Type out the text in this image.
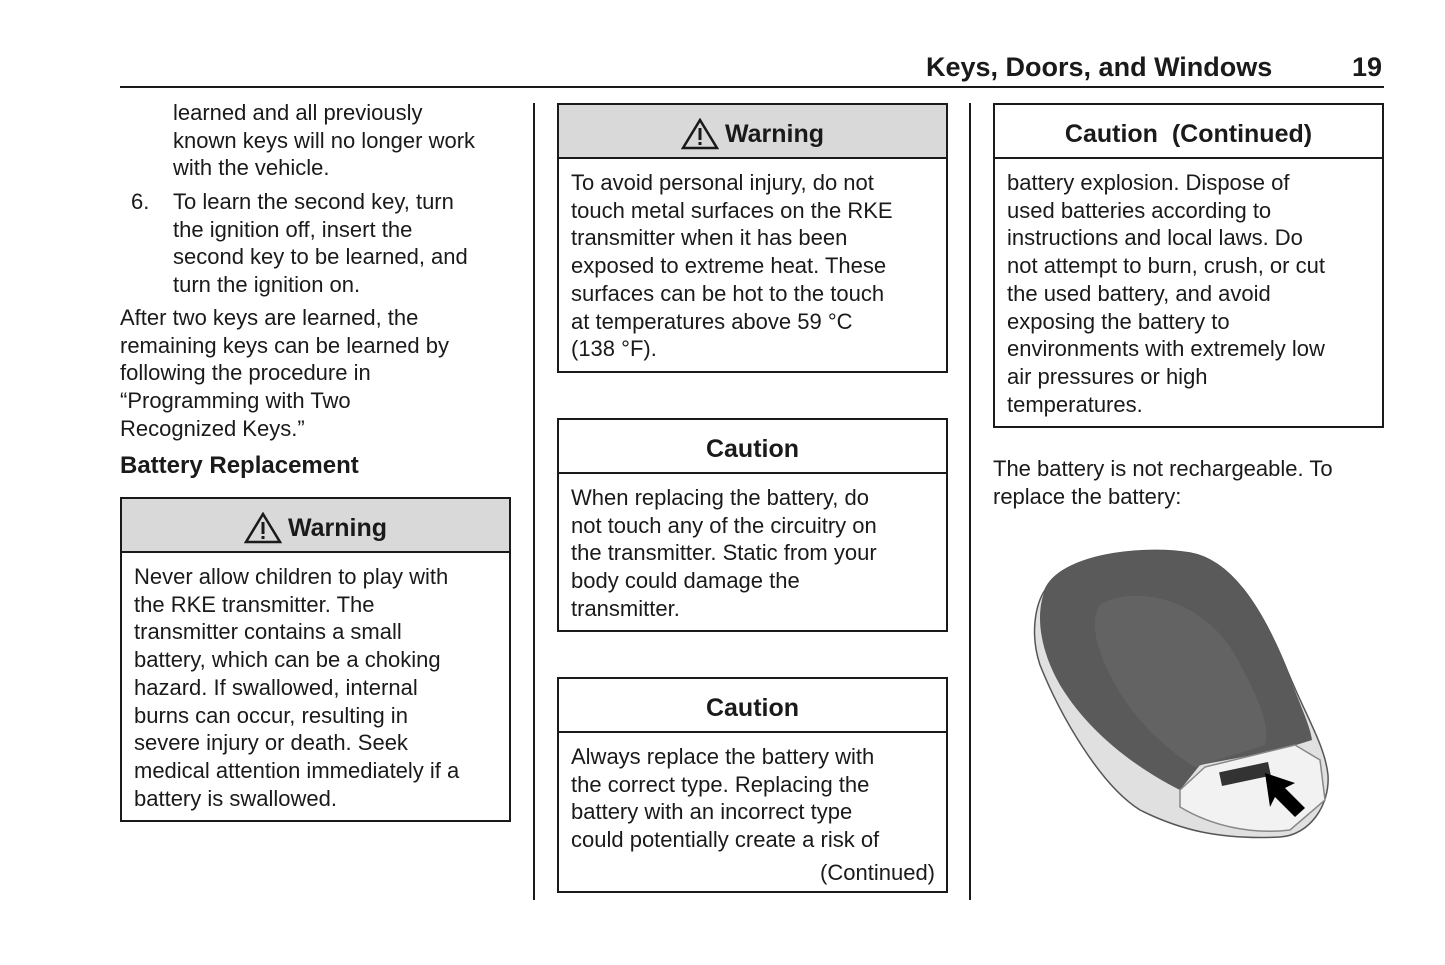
Keys, Doors, and Windows	19
learned and all previously
known keys will no longer work
with the vehicle.
6. To learn the second key, turn
the ignition off, insert the
second key to be learned, and
turn the ignition on.
After two keys are learned, the
remaining keys can be learned by
following the procedure in
“Programming with Two
Recognized Keys.”
Battery Replacement
Warning
Never allow children to play with
the RKE transmitter. The
transmitter contains a small
battery, which can be a choking
hazard. If swallowed, internal
burns can occur, resulting in
severe injury or death. Seek
medical attention immediately if a
battery is swallowed.
Warning
To avoid personal injury, do not
touch metal surfaces on the RKE
transmitter when it has been
exposed to extreme heat. These
surfaces can be hot to the touch
at temperatures above 59 °C
(138 °F).
Caution
When replacing the battery, do
not touch any of the circuitry on
the transmitter. Static from your
body could damage the
transmitter.
Caution
Always replace the battery with
the correct type. Replacing the
battery with an incorrect type
could potentially create a risk of
(Continued)
Caution  (Continued)
battery explosion. Dispose of
used batteries according to
instructions and local laws. Do
not attempt to burn, crush, or cut
the used battery, and avoid
exposing the battery to
environments with extremely low
air pressures or high
temperatures.
The battery is not rechargeable. To
replace the battery:
